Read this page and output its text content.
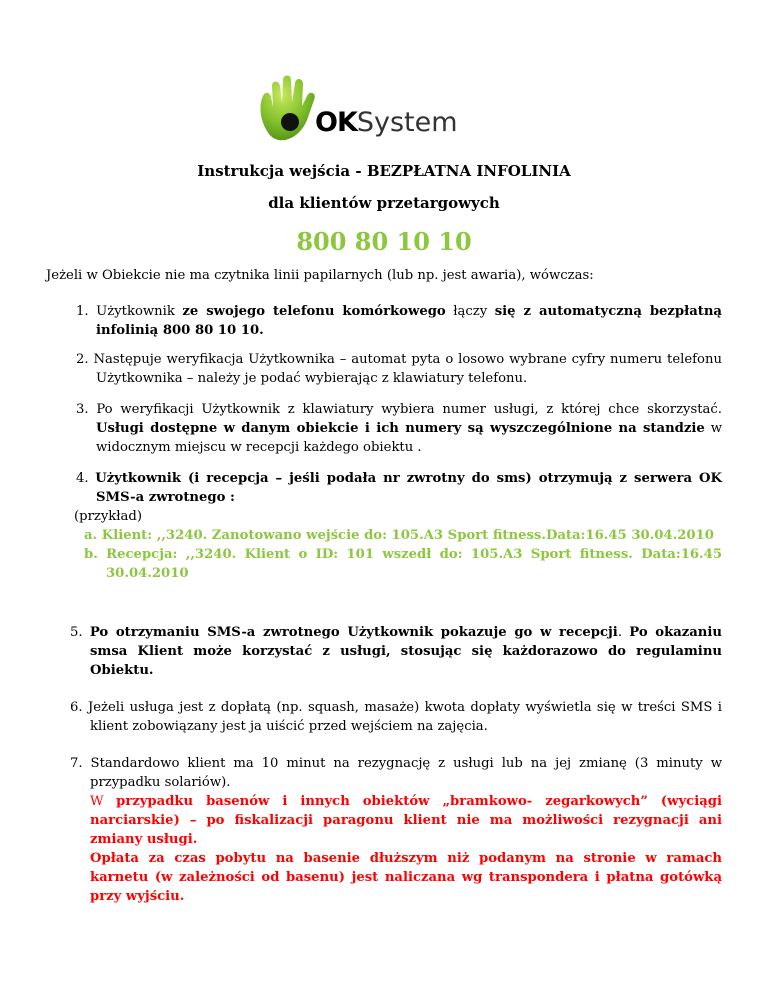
OKSystem
Instrukcja wejścia - BEZPŁATNA INFOLINIA
dla klientów przetargowych
800 80 10 10
Jeżeli w Obiekcie nie ma czytnika linii papilarnych (lub np. jest awaria), wówczas:

1. Użytkownik ze swojego telefonu komórkowego łączy się z automatyczną bezpłatną infolinią 800 80 10 10.

2. Następuje weryfikacja Użytkownika – automat pyta o losowo wybrane cyfry numeru telefonu Użytkownika – należy je podać wybierając z klawiatury telefonu.

3. Po weryfikacji Użytkownik z klawiatury wybiera numer usługi, z której chce skorzystać. Usługi dostępne w danym obiekcie i ich numery są wyszczególnione na standzie w widocznym miejscu w recepcji każdego obiektu .

4. Użytkownik (i recepcja – jeśli podała nr zwrotny do sms) otrzymują z serwera OK SMS-a zwrotnego :

(przykład)

a. Klient: ,,3240. Zanotowano wejście do: 105.A3 Sport fitness.Data:16.45 30.04.2010

b. Recepcja: ,,3240. Klient o ID: 101 wszedł do: 105.A3 Sport fitness. Data:16.45 30.04.2010

5. Po otrzymaniu SMS-a zwrotnego Użytkownik pokazuje go w recepcji. Po okazaniu smsa Klient może korzystać z usługi, stosując się każdorazowo do regulaminu Obiektu.

6. Jeżeli usługa jest z dopłatą (np. squash, masaże) kwota dopłaty wyświetla się w treści SMS i klient zobowiązany jest ja uiścić przed wejściem na zajęcia.

7. Standardowo klient ma 10 minut na rezygnację z usługi lub na jej zmianę (3 minuty w przypadku solariów).

W przypadku basenów i innych obiektów „bramkowo- zegarkowych” (wyciągi narciarskie) – po fiskalizacji paragonu klient nie ma możliwości rezygnacji ani zmiany usługi.

Opłata za czas pobytu na basenie dłuższym niż podanym na stronie w ramach karnetu (w zależności od basenu) jest naliczana wg transpondera i płatna gotówką przy wyjściu.
